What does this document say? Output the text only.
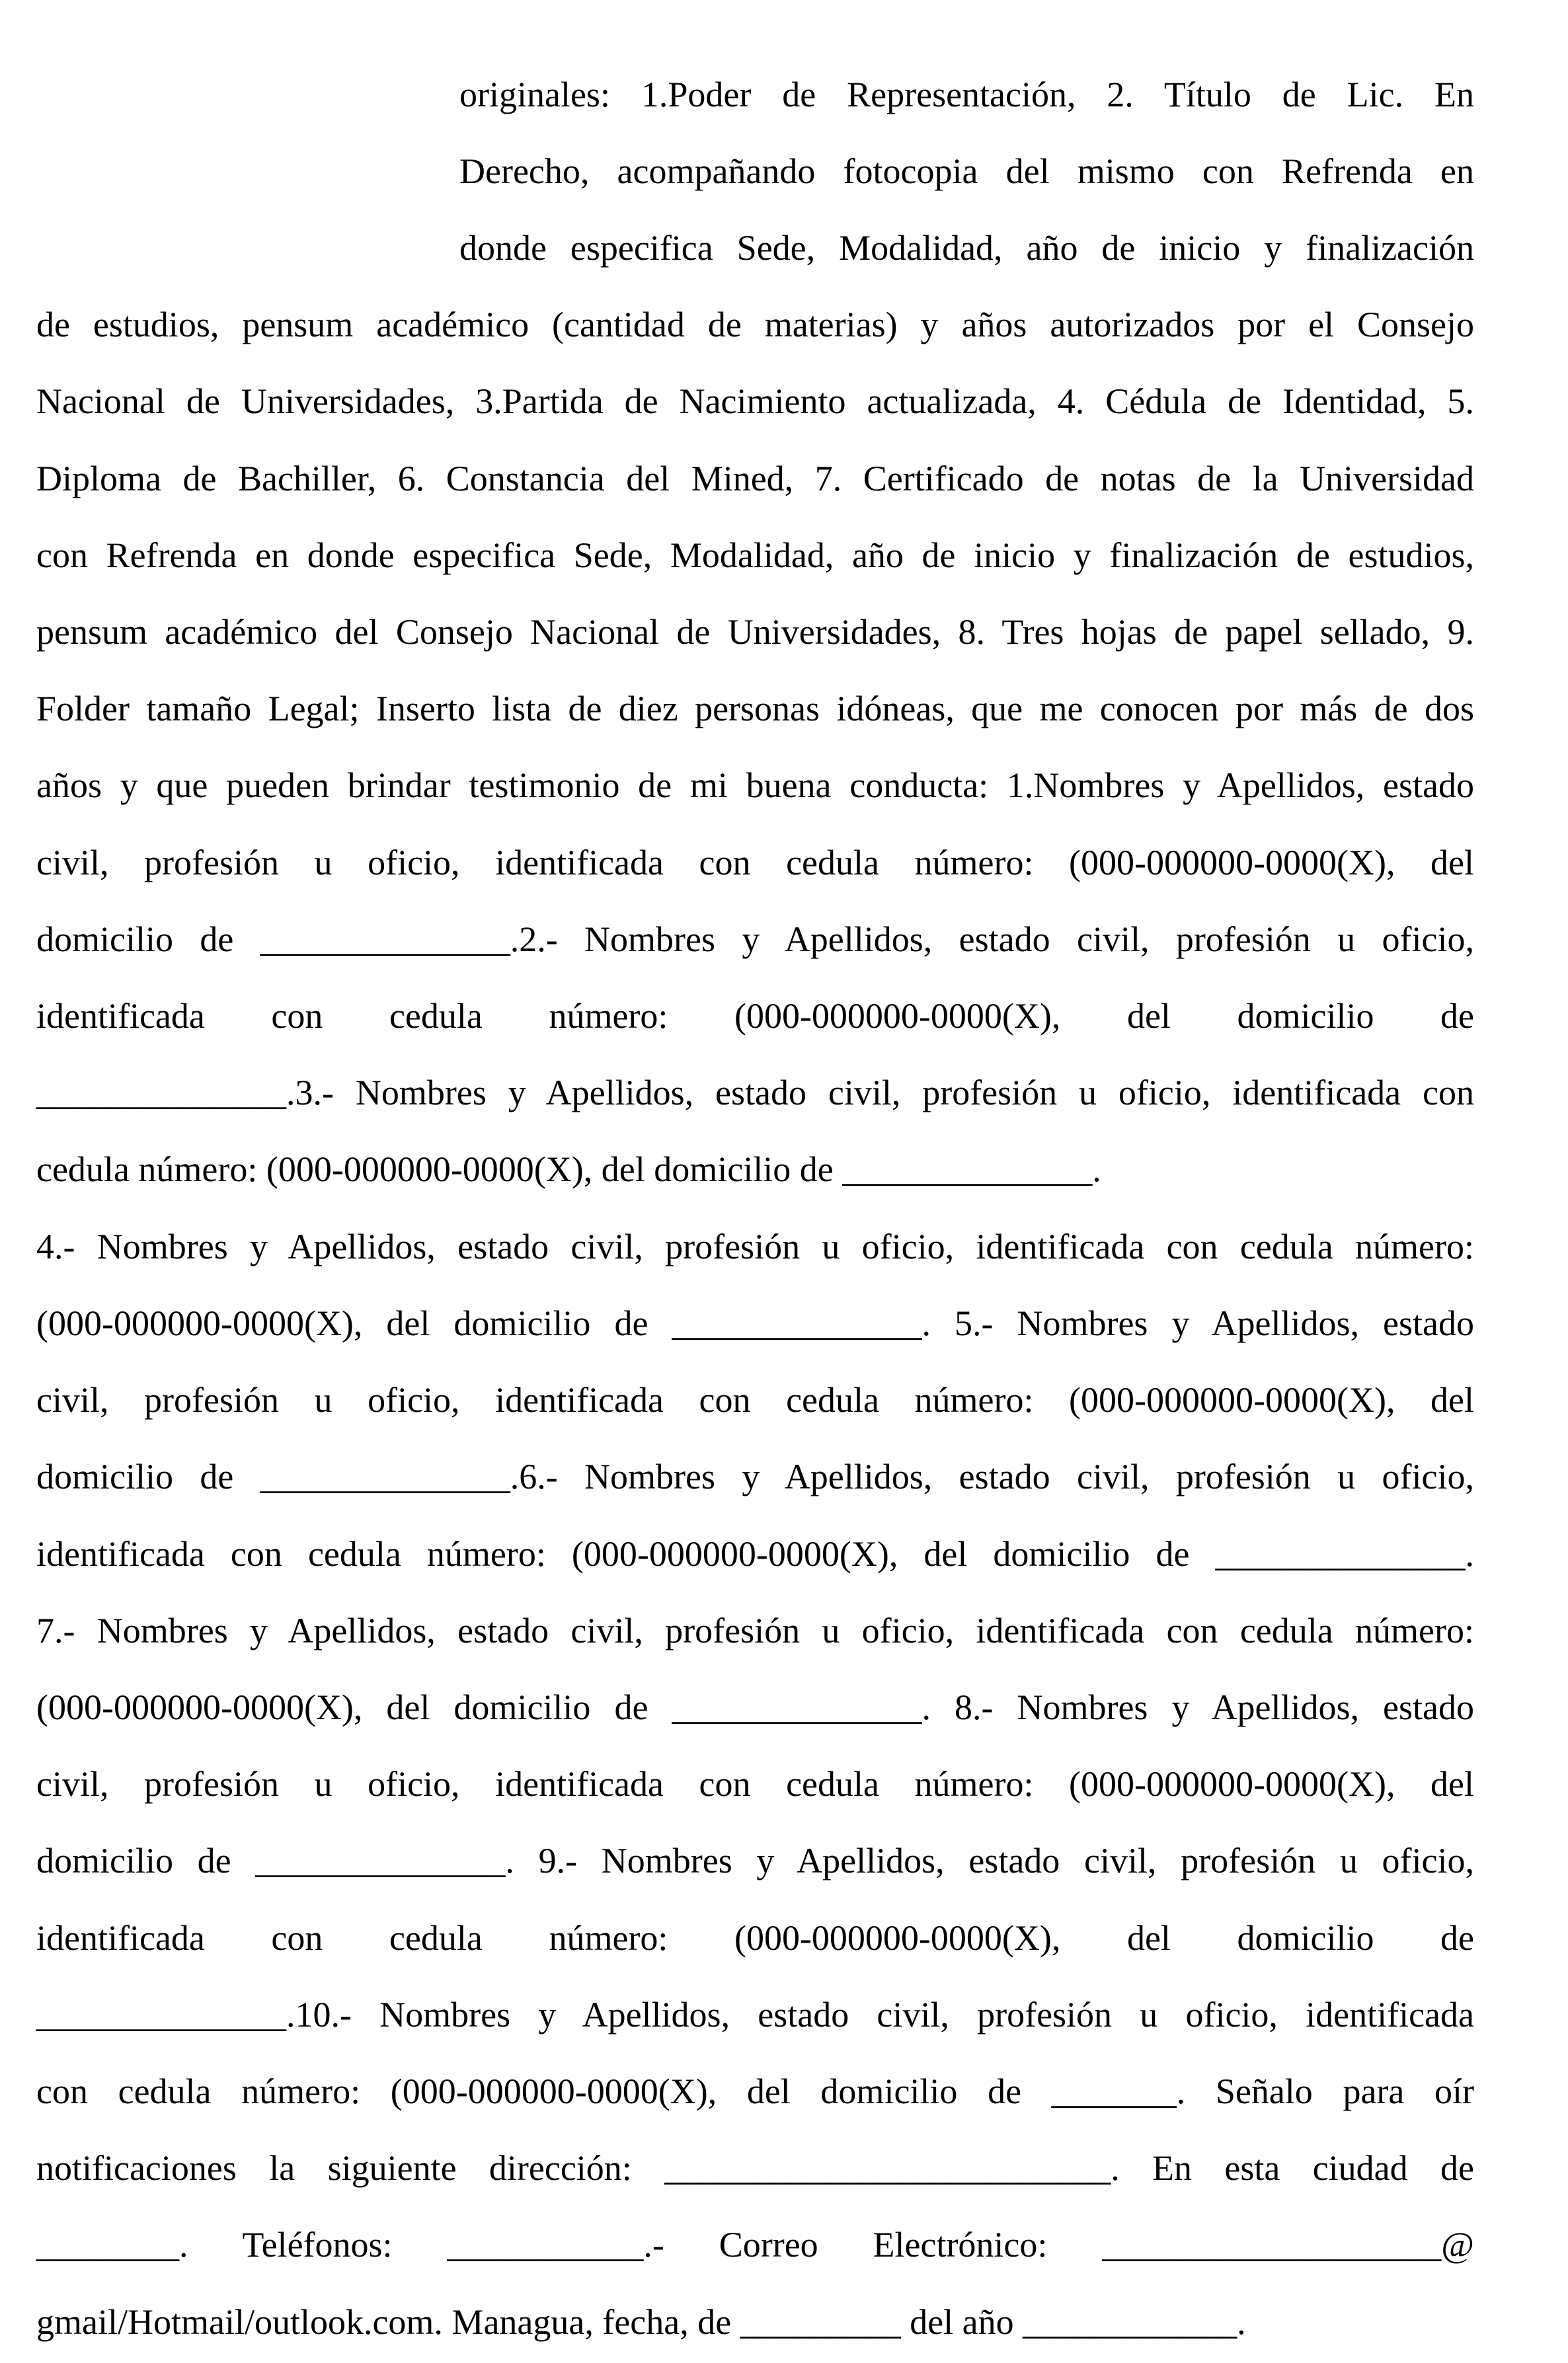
originales: 1.Poder de Representación, 2. Título de Lic. En
Derecho, acompañando fotocopia del mismo con Refrenda en
donde especifica Sede, Modalidad, año de inicio y finalización
de estudios, pensum académico (cantidad de materias) y años autorizados por el Consejo
Nacional de Universidades, 3.Partida de Nacimiento actualizada, 4. Cédula de Identidad, 5.
Diploma de Bachiller, 6. Constancia del Mined, 7. Certificado de notas de la Universidad
con Refrenda en donde especifica Sede, Modalidad, año de inicio y finalización de estudios,
pensum académico del Consejo Nacional de Universidades, 8. Tres hojas de papel sellado, 9.
Folder tamaño Legal; Inserto lista de diez personas idóneas, que me conocen por más de dos
años y que pueden brindar testimonio de mi buena conducta: 1.Nombres y Apellidos, estado
civil, profesión u oficio, identificada con cedula número: (000-000000-0000(X), del
domicilio de ______________.2.- Nombres y Apellidos, estado civil, profesión u oficio,
identificada con cedula número: (000-000000-0000(X), del domicilio de
______________.3.- Nombres y Apellidos, estado civil, profesión u oficio, identificada con
cedula número: (000-000000-0000(X), del domicilio de ______________.
4.- Nombres y Apellidos, estado civil, profesión u oficio, identificada con cedula número:
(000-000000-0000(X), del domicilio de ______________. 5.- Nombres y Apellidos, estado
civil, profesión u oficio, identificada con cedula número: (000-000000-0000(X), del
domicilio de ______________.6.- Nombres y Apellidos, estado civil, profesión u oficio,
identificada con cedula número: (000-000000-0000(X), del domicilio de ______________.
7.- Nombres y Apellidos, estado civil, profesión u oficio, identificada con cedula número:
(000-000000-0000(X), del domicilio de ______________. 8.- Nombres y Apellidos, estado
civil, profesión u oficio, identificada con cedula número: (000-000000-0000(X), del
domicilio de ______________. 9.- Nombres y Apellidos, estado civil, profesión u oficio,
identificada con cedula número: (000-000000-0000(X), del domicilio de
______________.10.- Nombres y Apellidos, estado civil, profesión u oficio, identificada
con cedula número: (000-000000-0000(X), del domicilio de _______. Señalo para oír
notificaciones la siguiente dirección: _________________________. En esta ciudad de
________. Teléfonos: ___________.- Correo Electrónico: ___________________@
gmail/Hotmail/outlook.com. Managua, fecha, de _________ del año ____________.
